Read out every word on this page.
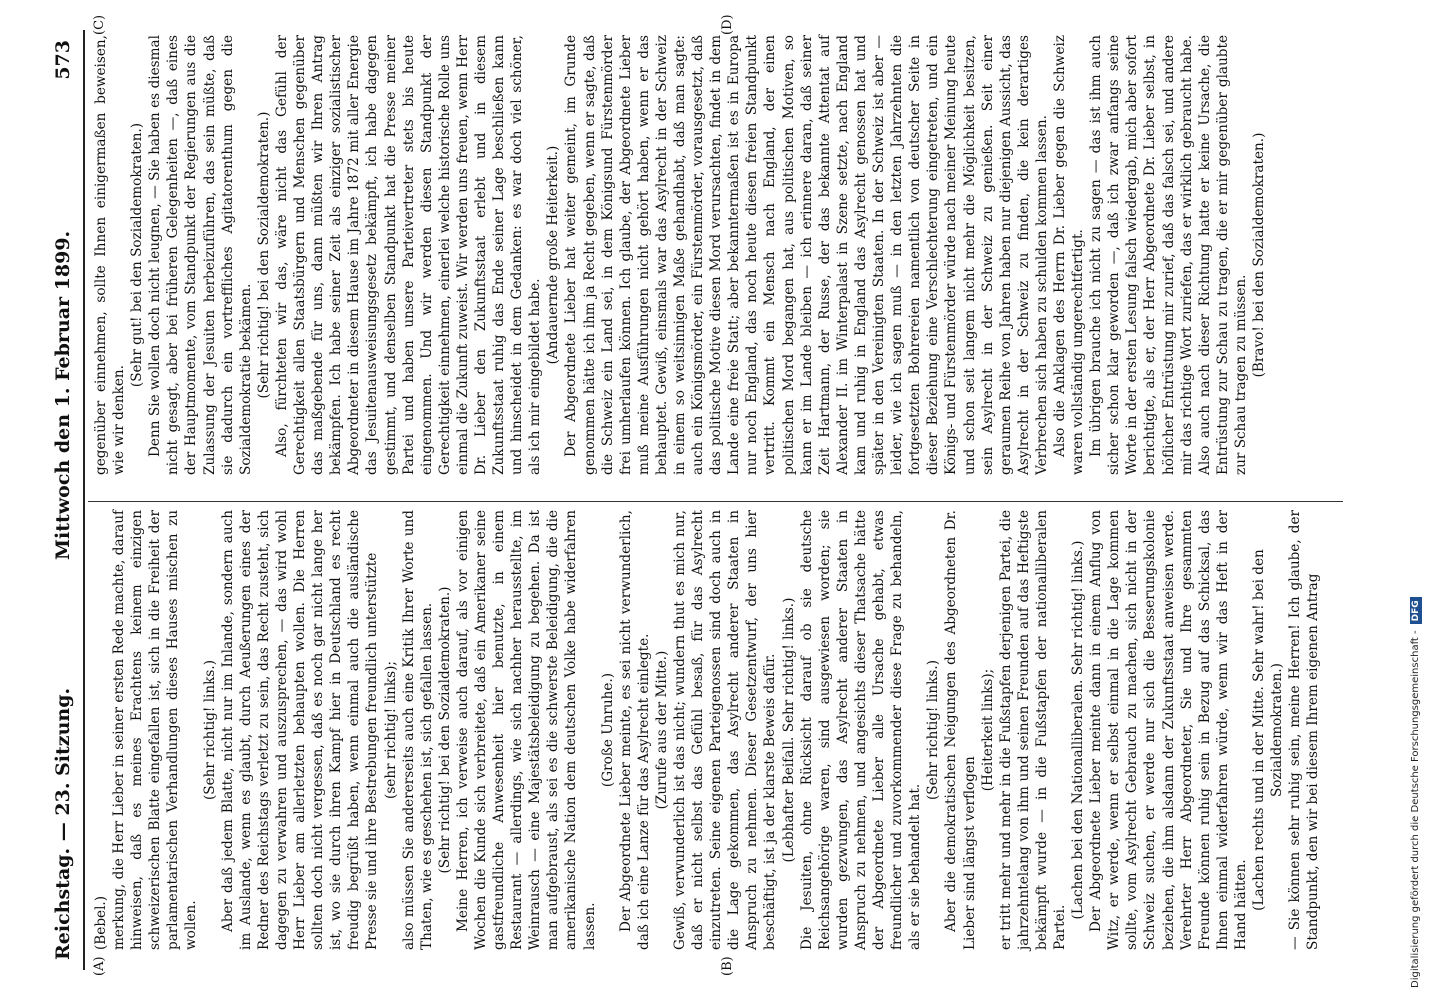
Reichstag. — 23. Sitzung.
Mittwoch den 1. Februar 1899.
573
(A)	(B)
(C)	(D)

(Bebel.) merkung, die Herr Lieber in seiner ersten Rede machte, darauf hinweisen, daß es meines Erachtens keinem einzigen schweizerischen Blatte eingefallen ist, sich in die Freiheit der parlamentarischen Verhandlungen dieses Hauses mischen zu wollen.

(Sehr richtig! links.) Aber daß jedem Blatte, nicht nur im Inlande, sondern auch im Auslande, wenn es glaubt, durch Aeußerungen eines der Redner des Reichstags verletzt zu sein, das Recht zusteht, sich dagegen zu verwahren und auszusprechen, — das wird wohl Herr Lieber am allerletzten behaupten wollen. Die Herren sollten doch nicht vergessen, daß es noch gar nicht lange her ist, wo sie durch ihren Kampf hier in Deutschland es recht freudig begrüßt haben, wenn einmal auch die ausländische Presse sie und ihre Bestrebungen freundlich unterstützte (sehr richtig! links); also müssen Sie andererseits auch eine Kritik Ihrer Worte und Thaten, wie es geschehen ist, sich gefallen lassen. (Sehr richtig! bei den Sozialdemokraten.) Meine Herren, ich verweise auch darauf, als vor einigen Wochen die Kunde sich verbreitete, daß ein Amerikaner seine gastfreundliche Anwesenheit hier benutzte, in einem Restaurant — allerdings, wie sich nachher herausstellte, im Weinrausch — eine Majestätsbeleidigung zu begehen. Da ist man aufgebraust, als sei es die schwerste Beleidigung, die die amerikanische Nation dem deutschen Volke habe widerfahren lassen.

(Große Unruhe.) Der Abgeordnete Lieber meinte, es sei nicht verwunderlich, daß ich eine Lanze für das Asylrecht einlegte. (Zurufe aus der Mitte.) Gewiß, verwunderlich ist das nicht; wundern thut es mich nur, daß er nicht selbst das Gefühl besaß, für das Asylrecht einzutreten. Seine eigenen Parteigenossen sind doch auch in die Lage gekommen, das Asylrecht anderer Staaten in Anspruch zu nehmen. Dieser Gesetzentwurf, der uns hier beschäftigt, ist ja der klarste Beweis dafür. (Lebhafter Beifall. Sehr richtig! links.) Die Jesuiten, ohne Rücksicht darauf ob sie deutsche Reichsangehörige waren, sind ausgewiesen worden; sie wurden gezwungen, das Asylrecht anderer Staaten in Anspruch zu nehmen, und angesichts dieser Thatsache hätte der Abgeordnete Lieber alle Ursache gehabt, etwas freundlicher und zuvorkommender diese Frage zu behandeln, als er sie behandelt hat.

(Sehr richtig! links.) Aber die demokratischen Neigungen des Abgeordneten Dr. Lieber sind längst verflogen

(Heiterkeit links); er tritt mehr und mehr in die Fußstapfen derjenigen Partei, die jahrzehntelang von ihm und seinen Freunden auf das Heftigste bekämpft wurde — in die Fußstapfen der nationalliberalen Partei.

(Lachen bei den Nationalliberalen. Sehr richtig! links.) Der Abgeordnete Lieber meinte dann in einem Anflug von Witz, er werde, wenn er selbst einmal in die Lage kommen sollte, vom Asylrecht Gebrauch zu machen, sich nicht in der Schweiz suchen, er werde nur sich die Besserungskolonie beziehen, die ihm alsdann der Zukunftsstaat anweisen werde. Verehrter Herr Abgeordneter, Sie und Ihre gesammten Freunde können ruhig sein in Bezug auf das Schicksal, das Ihnen einmal widerfahren würde, wenn wir das Heft in der Hand hätten. (Lachen rechts und in der Mitte. Sehr wahr! bei den Sozialdemokraten.) — Sie können sehr ruhig sein, meine Herren! Ich glaube, der Standpunkt, den wir bei diesem Ihrem eigenen Antrag

gegenüber einnehmen, sollte Ihnen einigermaßen beweisen, wie wir denken.

(Sehr gut! bei den Sozialdemokraten.) Denn Sie wollen doch nicht leugnen, — Sie haben es diesmal nicht gesagt, aber bei früheren Gelegenheiten —, daß eines der Hauptmomente, vom Standpunkt der Regierungen aus die Zulassung der Jesuiten herbeizuführen, das sein müßte, daß sie dadurch ein vortreffliches Agitatorenthum gegen die Sozialdemokratie bekämen. (Sehr richtig! bei den Sozialdemokraten.) Also, fürchteten wir das, wäre nicht das Gefühl der Gerechtigkeit allen Staatsbürgern und Menschen gegenüber das maßgebende für uns, dann müßten wir Ihren Antrag bekämpfen. Ich habe seiner Zeit als einziger sozialistischer Abgeordneter in diesem Hause im Jahre 1872 mit aller Energie das Jesuitenausweisungsgesetz bekämpft, ich habe dagegen gestimmt, und denselben Standpunkt hat die Presse meiner Partei und haben unsere Parteivertreter stets bis heute eingenommen. Und wir werden diesen Standpunkt der Gerechtigkeit einnehmen, einerlei welche historische Rolle uns einmal die Zukunft zuweist. Wir werden uns freuen, wenn Herr Dr. Lieber den Zukunftsstaat erlebt und in diesem Zukunftsstaat ruhig das Ende seiner Lage beschließen kann und hinscheidet in dem Gedanken: es war doch viel schöner, als ich mir eingebildet habe.

(Andauernde große Heiterkeit.) Der Abgeordnete Lieber hat weiter gemeint, im Grunde genommen hätte ich ihm ja Recht gegeben, wenn er sagte, daß die Schweiz ein Land sei, in dem Königsund Fürstenmörder frei umherlaufen können. Ich glaube, der Abgeordnete Lieber muß meine Ausführungen nicht gehört haben, wenn er das behauptet. Gewiß, einsmals war das Asylrecht in der Schweiz in einem so weitsinnigen Maße gehandhabt, daß man sagte: auch ein Königsmörder, ein Fürstenmörder, vorausgesetzt, daß das politische Motive diesen Mord verursachten, findet in dem Lande eine freie Statt; aber bekanntermaßen ist es in Europa nur noch England, das noch heute diesen freien Standpunkt vertritt. Kommt ein Mensch nach England, der einen politischen Mord begangen hat, aus politischen Motiven, so kann er im Lande bleiben — ich erinnere daran, daß seiner Zeit Hartmann, der Russe, der das bekannte Attentat auf Alexander II. im Winterpalast in Szene setzte, nach England kam und ruhig in England das Asylrecht genossen hat und später in den Vereinigten Staaten. In der Schweiz ist aber — leider, wie ich sagen muß — in den letzten Jahrzehnten die fortgesetzten Bohrereien namentlich von deutscher Seite in dieser Beziehung eine Verschlechterung eingetreten, und ein Königs- und Fürstenmörder würde nach meiner Meinung heute und schon seit langem nicht mehr die Möglichkeit besitzen, sein Asylrecht in der Schweiz zu genießen. Seit einer geraumen Reihe von Jahren haben nur diejenigen Aussicht, das Asylrecht in der Schweiz zu finden, die kein derartiges Verbrechen sich haben zu schulden kommen lassen. Also die Anklagen des Herrn Dr. Lieber gegen die Schweiz waren vollständig ungerechtfertigt. Im übrigen brauche ich nicht zu sagen — das ist ihm auch sicher schon klar geworden —, daß ich zwar anfangs seine Worte in der ersten Lesung falsch wiedergab, mich aber sofort berichtigte, als er, der Herr Abgeordnete Dr. Lieber selbst, in höflicher Entrüstung mir zurief, daß das falsch sei, und andere mir das richtige Wort zuriefen, das er wirklich gebraucht habe. Also auch nach dieser Richtung hatte er keine Ursache, die Entrüstung zur Schau zu tragen, die er mir gegenüber glaubte zur Schau tragen zu müssen. (Bravo! bei den Sozialdemokraten.)

Digitalisierung gefördert durch die Deutsche Forschungsgemeinschaft -DFG
